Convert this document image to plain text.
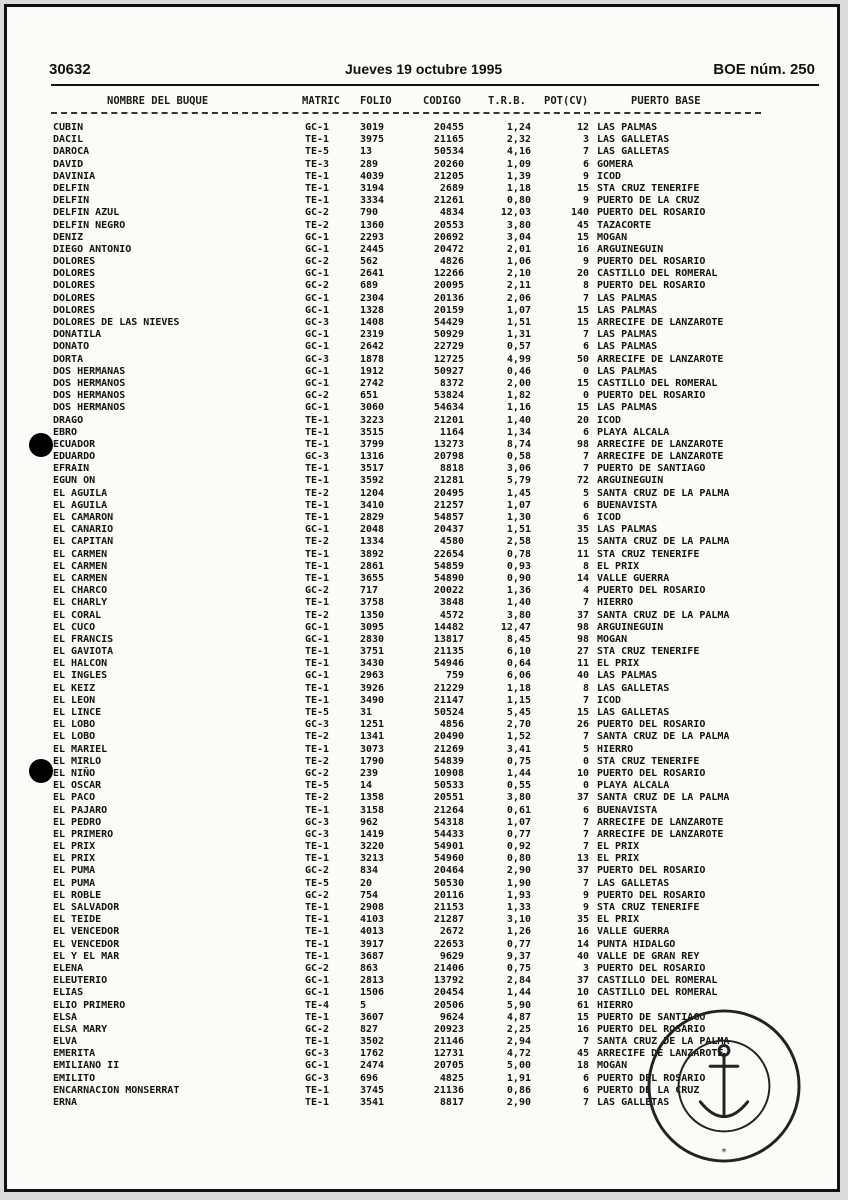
30632	Jueves 19 octubre 1995	BOE núm. 250
NOMBRE DEL BUQUE	MATRIC FOLIO	CODIGO	T.R.B. POT(CV)	PUERTO BASE
CUBIN	GC-1	3019	20455	1,24	12 LAS PALMAS
DACIL	TE-1	3975	21165	2,32	3 LAS GALLETAS
DAROCA	TE-5	13	50534	4,16	7 LAS GALLETAS
DAVID	TE-3	289	20260	1,09	6 GOMERA
DAVINIA	TE-1	4039	21205	1,39	9 ICOD
DELFIN	TE-1	3194	2689	1,18	15 STA CRUZ TENERIFE
DELFIN	TE-1	3334	21261	0,80	9 PUERTO DE LA CRUZ
DELFIN AZUL	GC-2	790	4834	12,03	140 PUERTO DEL ROSARIO
DELFIN NEGRO	TE-2	1360	20553	3,80	45 TAZACORTE
DENIZ	GC-1	2293	20692	3,04	15 MOGAN
DIEGO ANTONIO	GC-1	2445	20472	2,01	16 ARGUINEGUIN
DOLORES	GC-2	562	4826	1,06	9 PUERTO DEL ROSARIO
DOLORES	GC-1	2641	12266	2,10	20 CASTILLO DEL ROMERAL
DOLORES	GC-2	689	20095	2,11	8 PUERTO DEL ROSARIO
DOLORES	GC-1	2304	20136	2,06	7 LAS PALMAS
DOLORES	GC-1	1328	20159	1,07	15 LAS PALMAS
DOLORES DE LAS NIEVES	GC-3	1408	54429	1,51	15 ARRECIFE DE LANZAROTE
DONATILA	GC-1	2319	50929	1,31	7 LAS PALMAS
DONATO	GC-1	2642	22729	0,57	6 LAS PALMAS
DORTA	GC-3	1878	12725	4,99	50 ARRECIFE DE LANZAROTE
DOS HERMANAS	GC-1	1912	50927	0,46	0 LAS PALMAS
DOS HERMANOS	GC-1	2742	8372	2,00	15 CASTILLO DEL ROMERAL
DOS HERMANOS	GC-2	651	53824	1,82	0 PUERTO DEL ROSARIO
DOS HERMANOS	GC-1	3060	54634	1,16	15 LAS PALMAS
DRAGO	TE-1	3223	21201	1,40	20 ICOD
EBRO	TE-1	3515	1164	1,34	6 PLAYA ALCALA
ECUADOR	TE-1	3799	13273	8,74	98 ARRECIFE DE LANZAROTE
EDUARDO	GC-3	1316	20798	0,58	7 ARRECIFE DE LANZAROTE
EFRAIN	TE-1	3517	8818	3,06	7 PUERTO DE SANTIAGO
EGUN ON	TE-1	3592	21281	5,79	72 ARGUINEGUIN
EL AGUILA	TE-2	1204	20495	1,45	5 SANTA CRUZ DE LA PALMA
EL AGUILA	TE-1	3410	21257	1,07	6 BUENAVISTA
EL CAMARON	TE-1	2829	54857	1,30	6 ICOD
EL CANARIO	GC-1	2048	20437	1,51	35 LAS PALMAS
EL CAPITAN	TE-2	1334	4580	2,58	15 SANTA CRUZ DE LA PALMA
EL CARMEN	TE-1	3892	22654	0,78	11 STA CRUZ TENERIFE
EL CARMEN	TE-1	2861	54859	0,93	8 EL PRIX
EL CARMEN	TE-1	3655	54890	0,90	14 VALLE GUERRA
EL CHARCO	GC-2	717	20022	1,36	4 PUERTO DEL ROSARIO
EL CHARLY	TE-1	3758	3848	1,40	7 HIERRO
EL CORAL	TE-2	1350	4572	3,80	37 SANTA CRUZ DE LA PALMA
EL CUCO	GC-1	3095	14482	12,47	98 ARGUINEGUIN
EL FRANCIS	GC-1	2830	13817	8,45	98 MOGAN
EL GAVIOTA	TE-1	3751	21135	6,10	27 STA CRUZ TENERIFE
EL HALCON	TE-1	3430	54946	0,64	11 EL PRIX
EL INGLES	GC-1	2963	759	6,06	40 LAS PALMAS
EL KEIZ	TE-1	3926	21229	1,18	8 LAS GALLETAS
EL LEON	TE-1	3490	21147	1,15	7 ICOD
EL LINCE	TE-5	31	50524	5,45	15 LAS GALLETAS
EL LOBO	GC-3	1251	4856	2,70	26 PUERTO DEL ROSARIO
EL LOBO	TE-2	1341	20490	1,52	7 SANTA CRUZ DE LA PALMA
EL MARIEL	TE-1	3073	21269	3,41	5 HIERRO
EL MIRLO	TE-2	1790	54839	0,75	0 STA CRUZ TENERIFE
EL NIÑO	GC-2	239	10908	1,44	10 PUERTO DEL ROSARIO
EL OSCAR	TE-5	14	50533	0,55	0 PLAYA ALCALA
EL PACO	TE-2	1358	20551	3,80	37 SANTA CRUZ DE LA PALMA
EL PAJARO	TE-1	3158	21264	0,61	6 BUENAVISTA
EL PEDRO	GC-3	962	54318	1,07	7 ARRECIFE DE LANZAROTE
EL PRIMERO	GC-3	1419	54433	0,77	7 ARRECIFE DE LANZAROTE
EL PRIX	TE-1	3220	54901	0,92	7 EL PRIX
EL PRIX	TE-1	3213	54960	0,80	13 EL PRIX
EL PUMA	GC-2	834	20464	2,90	37 PUERTO DEL ROSARIO
EL PUMA	TE-5	20	50530	1,90	7 LAS GALLETAS
EL ROBLE	GC-2	754	20116	1,93	9 PUERTO DEL ROSARIO
EL SALVADOR	TE-1	2908	21153	1,33	9 STA CRUZ TENERIFE
EL TEIDE	TE-1	4103	21287	3,10	35 EL PRIX
EL VENCEDOR	TE-1	4013	2672	1,26	16 VALLE GUERRA
EL VENCEDOR	TE-1	3917	22653	0,77	14 PUNTA HIDALGO
EL Y EL MAR	TE-1	3687	9629	9,37	40 VALLE DE GRAN REY
ELENA	GC-2	863	21406	0,75	3 PUERTO DEL ROSARIO
ELEUTERIO	GC-1	2813	13792	2,84	37 CASTILLO DEL ROMERAL
ELIAS	GC-1	1506	20454	1,44	10 CASTILLO DEL ROMERAL
ELIO PRIMERO	TE-4	5	20506	5,90	61 HIERRO
ELSA	TE-1	3607	9624	4,87	15 PUERTO DE SANTIAGO
ELSA MARY	GC-2	827	20923	2,25	16 PUERTO DEL ROSARIO
ELVA	TE-1	3502	21146	2,94	7 SANTA CRUZ DE LA PALMA
EMERITA	GC-3	1762	12731	4,72	45 ARRECIFE DE LANZAROTE
EMILIANO II	GC-1	2474	20705	5,00	18 MOGAN
EMILITO	GC-3	696	4825	1,91	6 PUERTO DEL ROSARIO
ENCARNACION MONSERRAT	TE-1	3745	21136	0,86	6 PUERTO DE LA CRUZ
ERNA	TE-1	3541	8817	2,90	7 LAS GALLETAS
*
